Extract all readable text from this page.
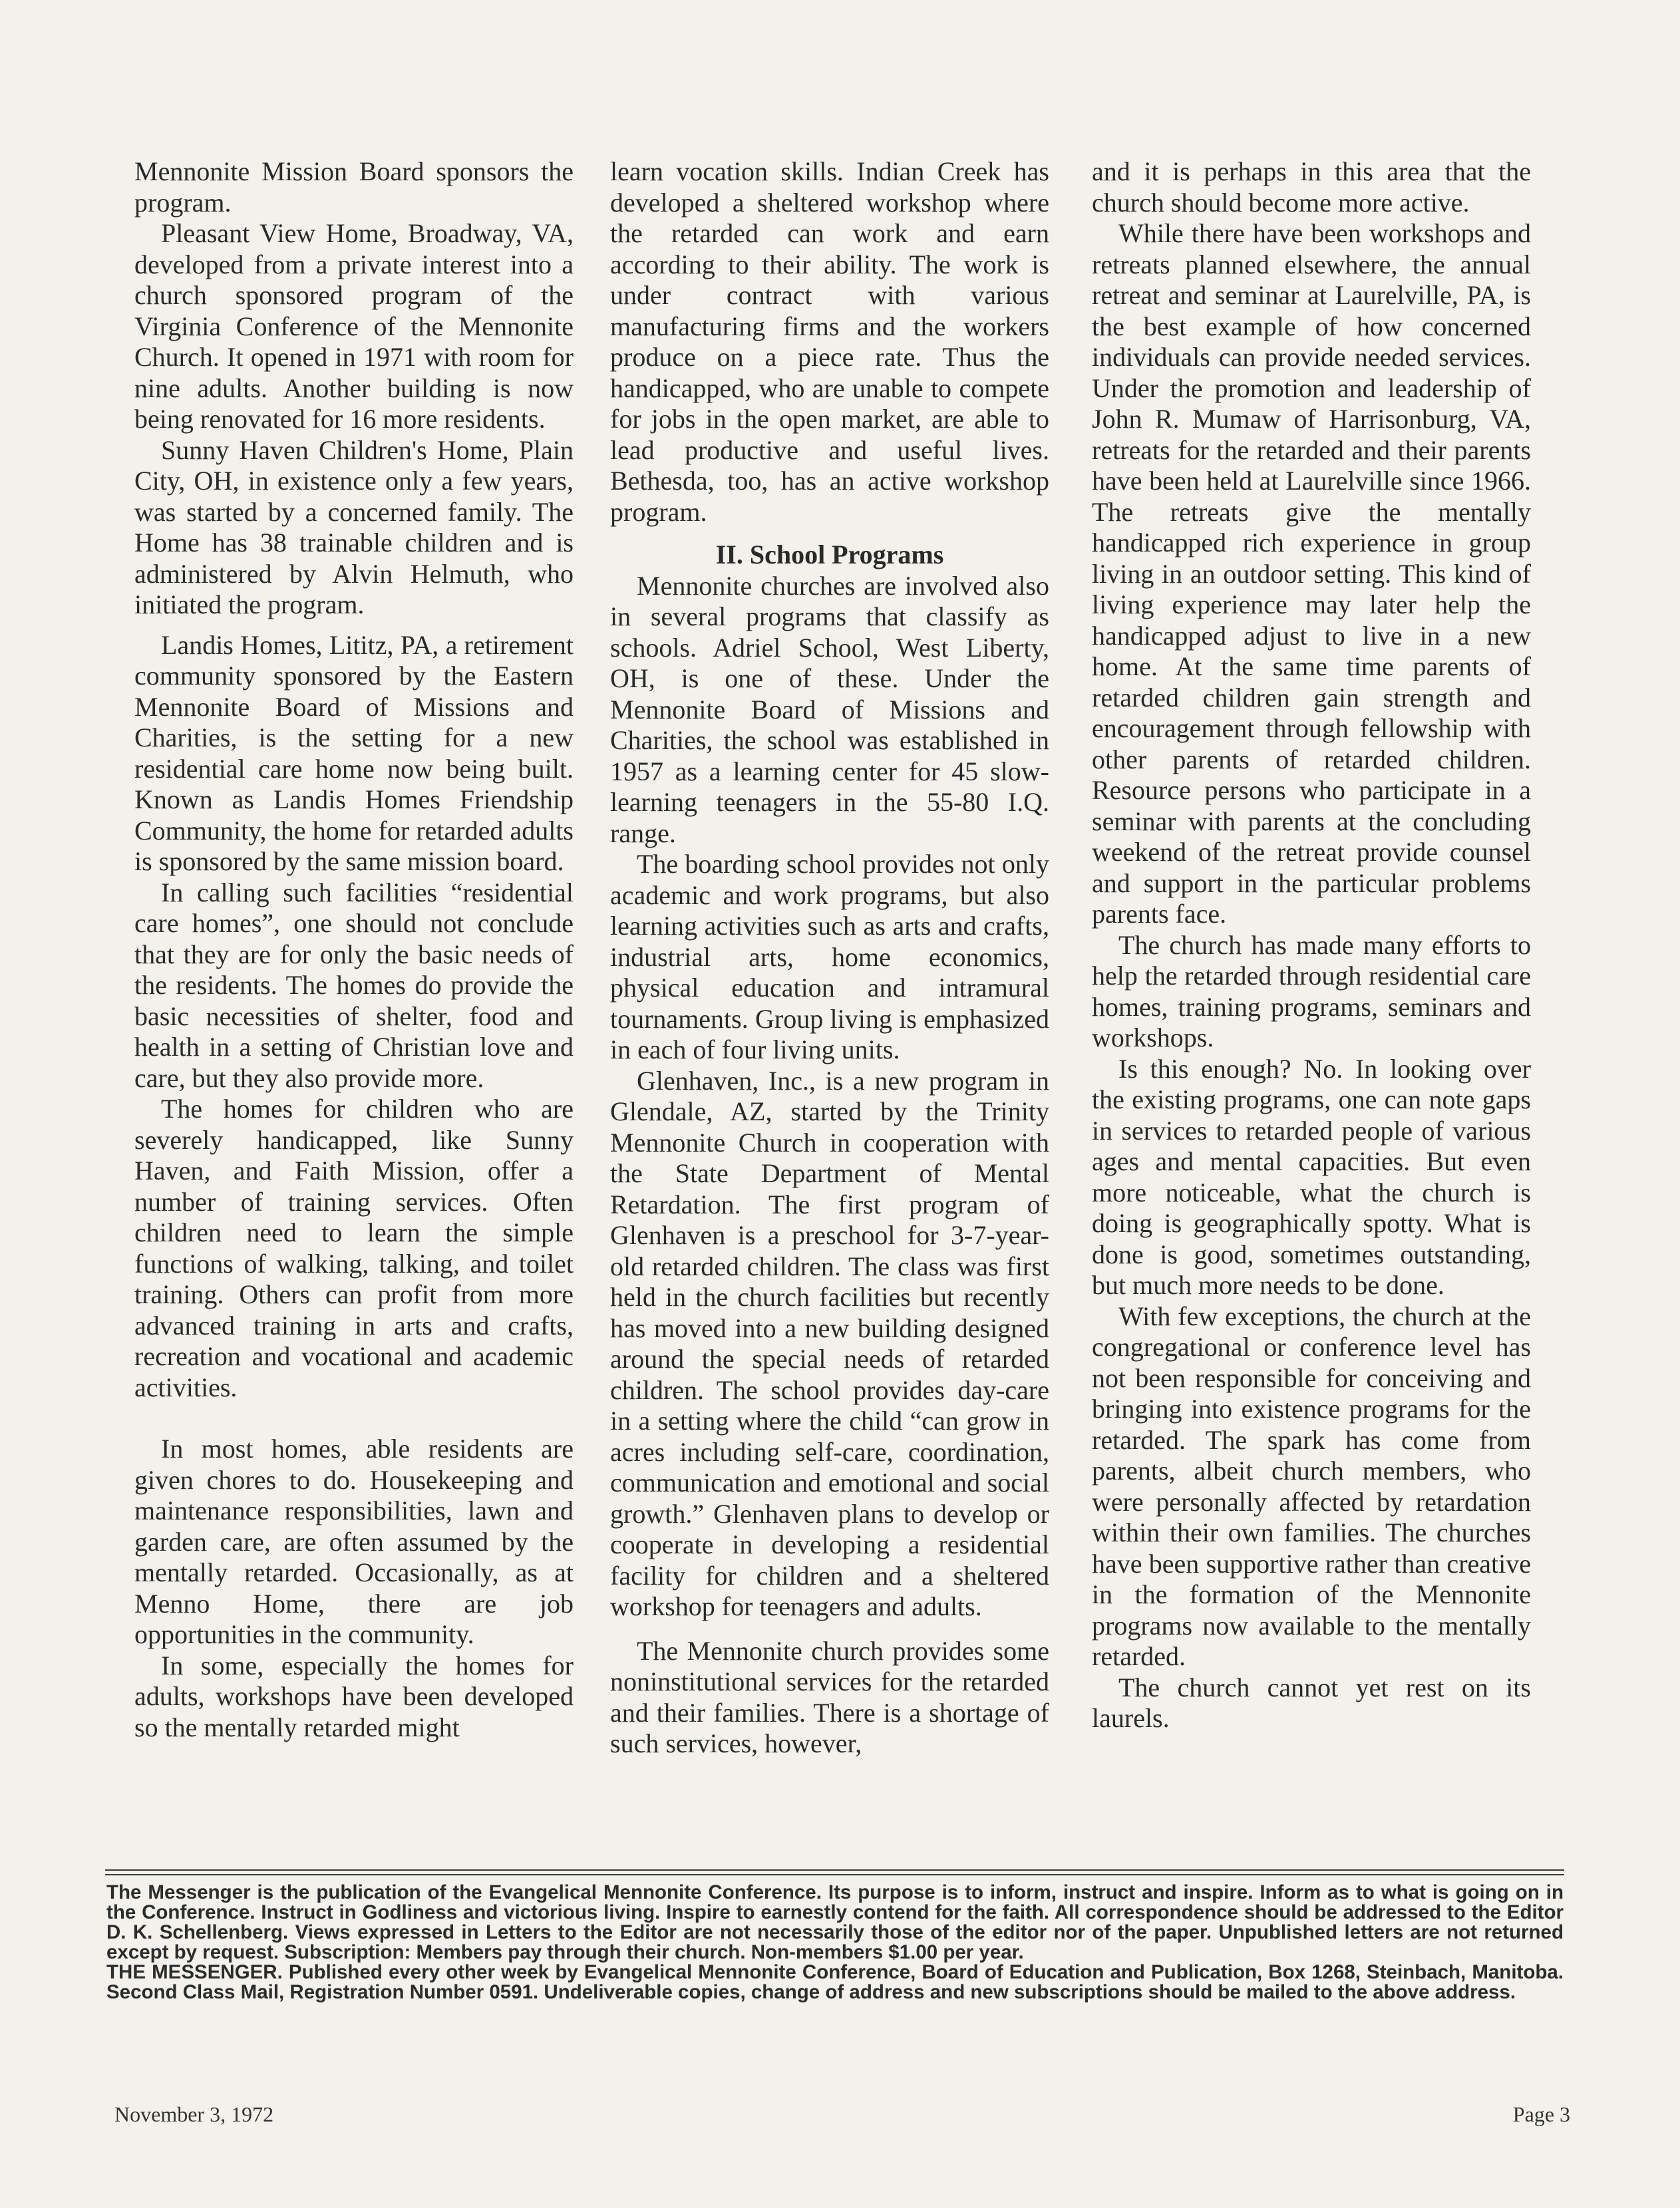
Mennonite Mission Board sponsors the program.

Pleasant View Home, Broadway, VA, developed from a private interest into a church sponsored program of the Virginia Conference of the Mennonite Church. It opened in 1971 with room for nine adults. Another building is now being renovated for 16 more residents.

Sunny Haven Children's Home, Plain City, OH, in existence only a few years, was started by a concerned family. The Home has 38 trainable children and is administered by Alvin Helmuth, who initiated the program.

Landis Homes, Lititz, PA, a retirement community sponsored by the Eastern Mennonite Board of Missions and Charities, is the setting for a new residential care home now being built. Known as Landis Homes Friendship Community, the home for retarded adults is sponsored by the same mission board.

In calling such facilities “residential care homes”, one should not conclude that they are for only the basic needs of the residents. The homes do provide the basic necessities of shelter, food and health in a setting of Christian love and care, but they also provide more.

The homes for children who are severely handicapped, like Sunny Haven, and Faith Mission, offer a number of training services. Often children need to learn the simple functions of walking, talking, and toilet training. Others can profit from more advanced training in arts and crafts, recreation and vocational and academic activities.

In most homes, able residents are given chores to do. Housekeeping and maintenance responsibilities, lawn and garden care, are often assumed by the mentally retarded. Occasionally, as at Menno Home, there are job opportunities in the community.

In some, especially the homes for adults, workshops have been developed so the mentally retarded might

learn vocation skills. Indian Creek has developed a sheltered workshop where the retarded can work and earn according to their ability. The work is under contract with various manufacturing firms and the workers produce on a piece rate. Thus the handicapped, who are unable to compete for jobs in the open market, are able to lead productive and useful lives. Bethesda, too, has an active workshop program.

II. School Programs

Mennonite churches are involved also in several programs that classify as schools. Adriel School, West Liberty, OH, is one of these. Under the Mennonite Board of Missions and Charities, the school was established in 1957 as a learning center for 45 slow-learning teenagers in the 55-80 I.Q. range.

The boarding school provides not only academic and work programs, but also learning activities such as arts and crafts, industrial arts, home economics, physical education and intramural tournaments. Group living is emphasized in each of four living units.

Glenhaven, Inc., is a new program in Glendale, AZ, started by the Trinity Mennonite Church in cooperation with the State Department of Mental Retardation. The first program of Glenhaven is a preschool for 3-7-year-old retarded children. The class was first held in the church facilities but recently has moved into a new building designed around the special needs of retarded children. The school provides day-care in a setting where the child “can grow in acres including self-care, coordination, communication and emotional and social growth.” Glenhaven plans to develop or cooperate in developing a residential facility for children and a sheltered workshop for teenagers and adults.

The Mennonite church provides some noninstitutional services for the retarded and their families. There is a shortage of such services, however,

and it is perhaps in this area that the church should become more active.

While there have been workshops and retreats planned elsewhere, the annual retreat and seminar at Laurelville, PA, is the best example of how concerned individuals can provide needed services. Under the promotion and leadership of John R. Mumaw of Harrisonburg, VA, retreats for the retarded and their parents have been held at Laurelville since 1966. The retreats give the mentally handicapped rich experience in group living in an outdoor setting. This kind of living experience may later help the handicapped adjust to live in a new home. At the same time parents of retarded children gain strength and encouragement through fellowship with other parents of retarded children. Resource persons who participate in a seminar with parents at the concluding weekend of the retreat provide counsel and support in the particular problems parents face.

The church has made many efforts to help the retarded through residential care homes, training programs, seminars and workshops.

Is this enough? No. In looking over the existing programs, one can note gaps in services to retarded people of various ages and mental capacities. But even more noticeable, what the church is doing is geographically spotty. What is done is good, sometimes outstanding, but much more needs to be done.

With few exceptions, the church at the congregational or conference level has not been responsible for conceiving and bringing into existence programs for the retarded. The spark has come from parents, albeit church members, who were personally affected by retardation within their own families. The churches have been supportive rather than creative in the formation of the Mennonite programs now available to the mentally retarded.

The church cannot yet rest on its laurels.

The Messenger is the publication of the Evangelical Mennonite Conference. Its purpose is to inform, instruct and inspire. Inform as to what is going on in the Conference. Instruct in Godliness and victorious living. Inspire to earnestly contend for the faith. All correspondence should be addressed to the Editor D. K. Schellenberg. Views expressed in Letters to the Editor are not necessarily those of the editor nor of the paper. Unpublished letters are not returned except by request. Subscription: Members pay through their church. Non-members $1.00 per year.

THE MESSENGER. Published every other week by Evangelical Mennonite Conference, Board of Education and Publication, Box 1268, Steinbach, Manitoba. Second Class Mail, Registration Number 0591. Undeliverable copies, change of address and new subscriptions should be mailed to the above address.

November 3, 1972	Page 3
